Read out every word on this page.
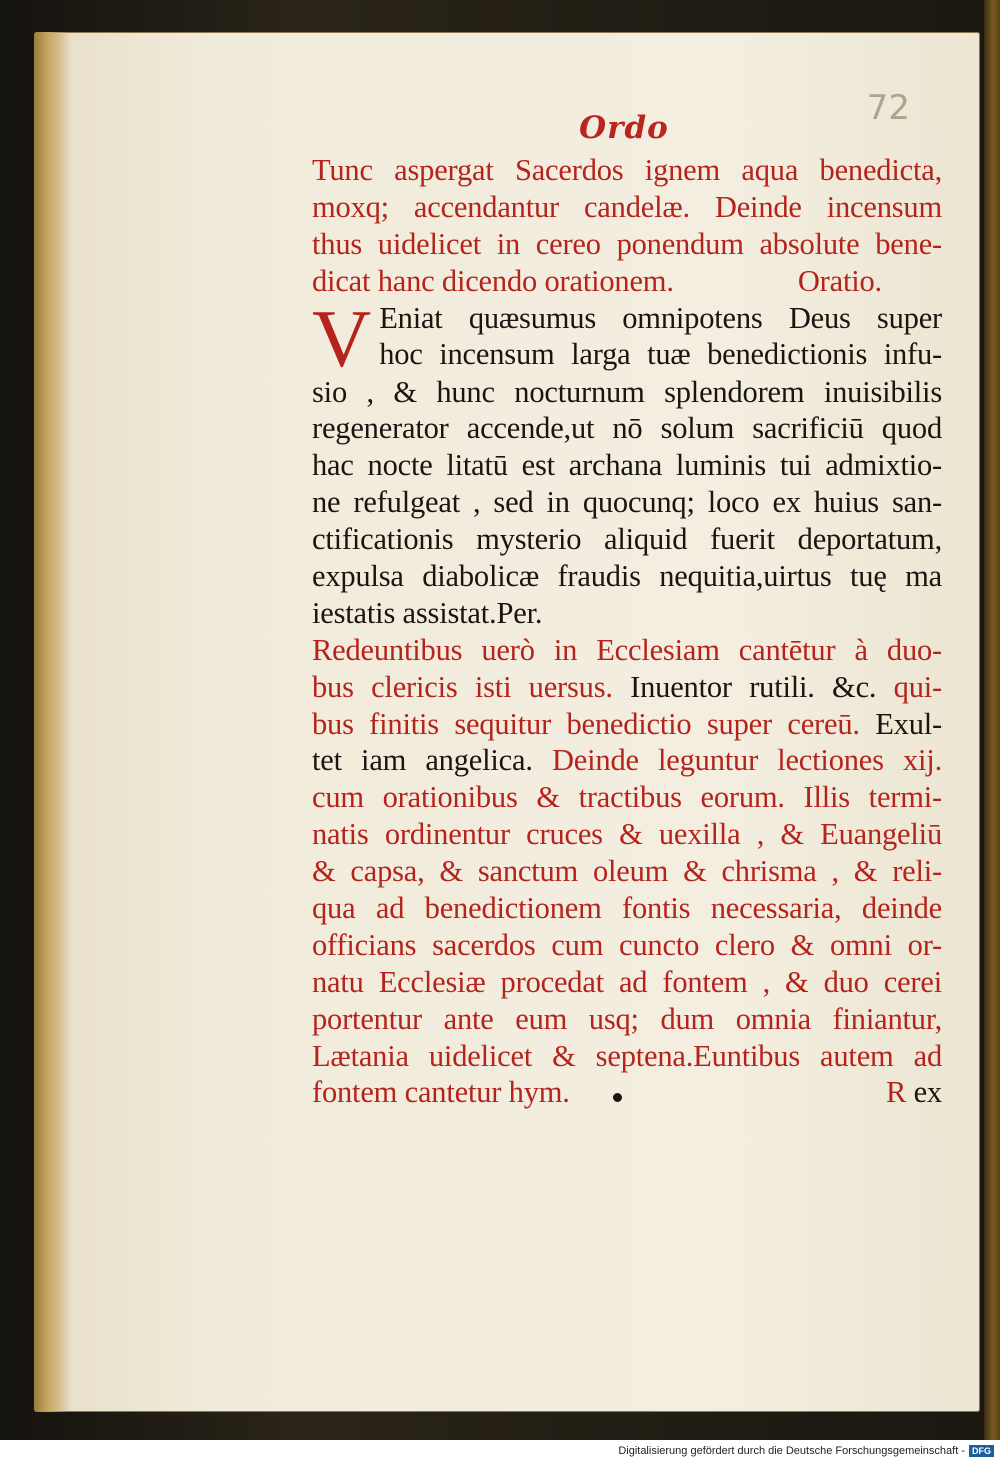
72
Ordo
Tunc aspergat Sacerdos ignem aqua benedicta,
moxq; accendantur candelæ. Deinde incensum
thus uidelicet in cereo ponendum absolute bene-
dicat hanc dicendo orationem.	Oratio.
V Eniat quæsumus omnipotens Deus super
hoc incensum larga tuæ benedictionis infu-
sio , & hunc nocturnum splendorem inuisibilis
regenerator accende,ut nō solum sacrificiū quod
hac nocte litatū est archana luminis tui admixtio-
ne refulgeat , sed in quocunq; loco ex huius san-
ctificationis mysterio aliquid fuerit deportatum,
expulsa diabolicæ fraudis nequitia,uirtus tuę ma
iestatis assistat.Per.
Redeuntibus uerò in Ecclesiam cantētur à duo-
bus clericis isti uersus. Inuentor rutili. &c. qui-
bus finitis sequitur benedictio super cereū. Exul-
tet iam angelica. Deinde leguntur lectiones xij.
cum orationibus & tractibus eorum. Illis termi-
natis ordinentur cruces & uexilla , & Euangeliū
& capsa, & sanctum oleum & chrisma , & reli-
qua ad benedictionem fontis necessaria, deinde
officians sacerdos cum cuncto clero & omni or-
natu Ecclesiæ procedat ad fontem , & duo cerei
portentur ante eum usq; dum omnia finiantur,
Lætania uidelicet & septena.Euntibus autem ad
fontem cantetur hym.	R ex
Digitalisierung gefördert durch die Deutsche Forschungsgemeinschaft - DFG
